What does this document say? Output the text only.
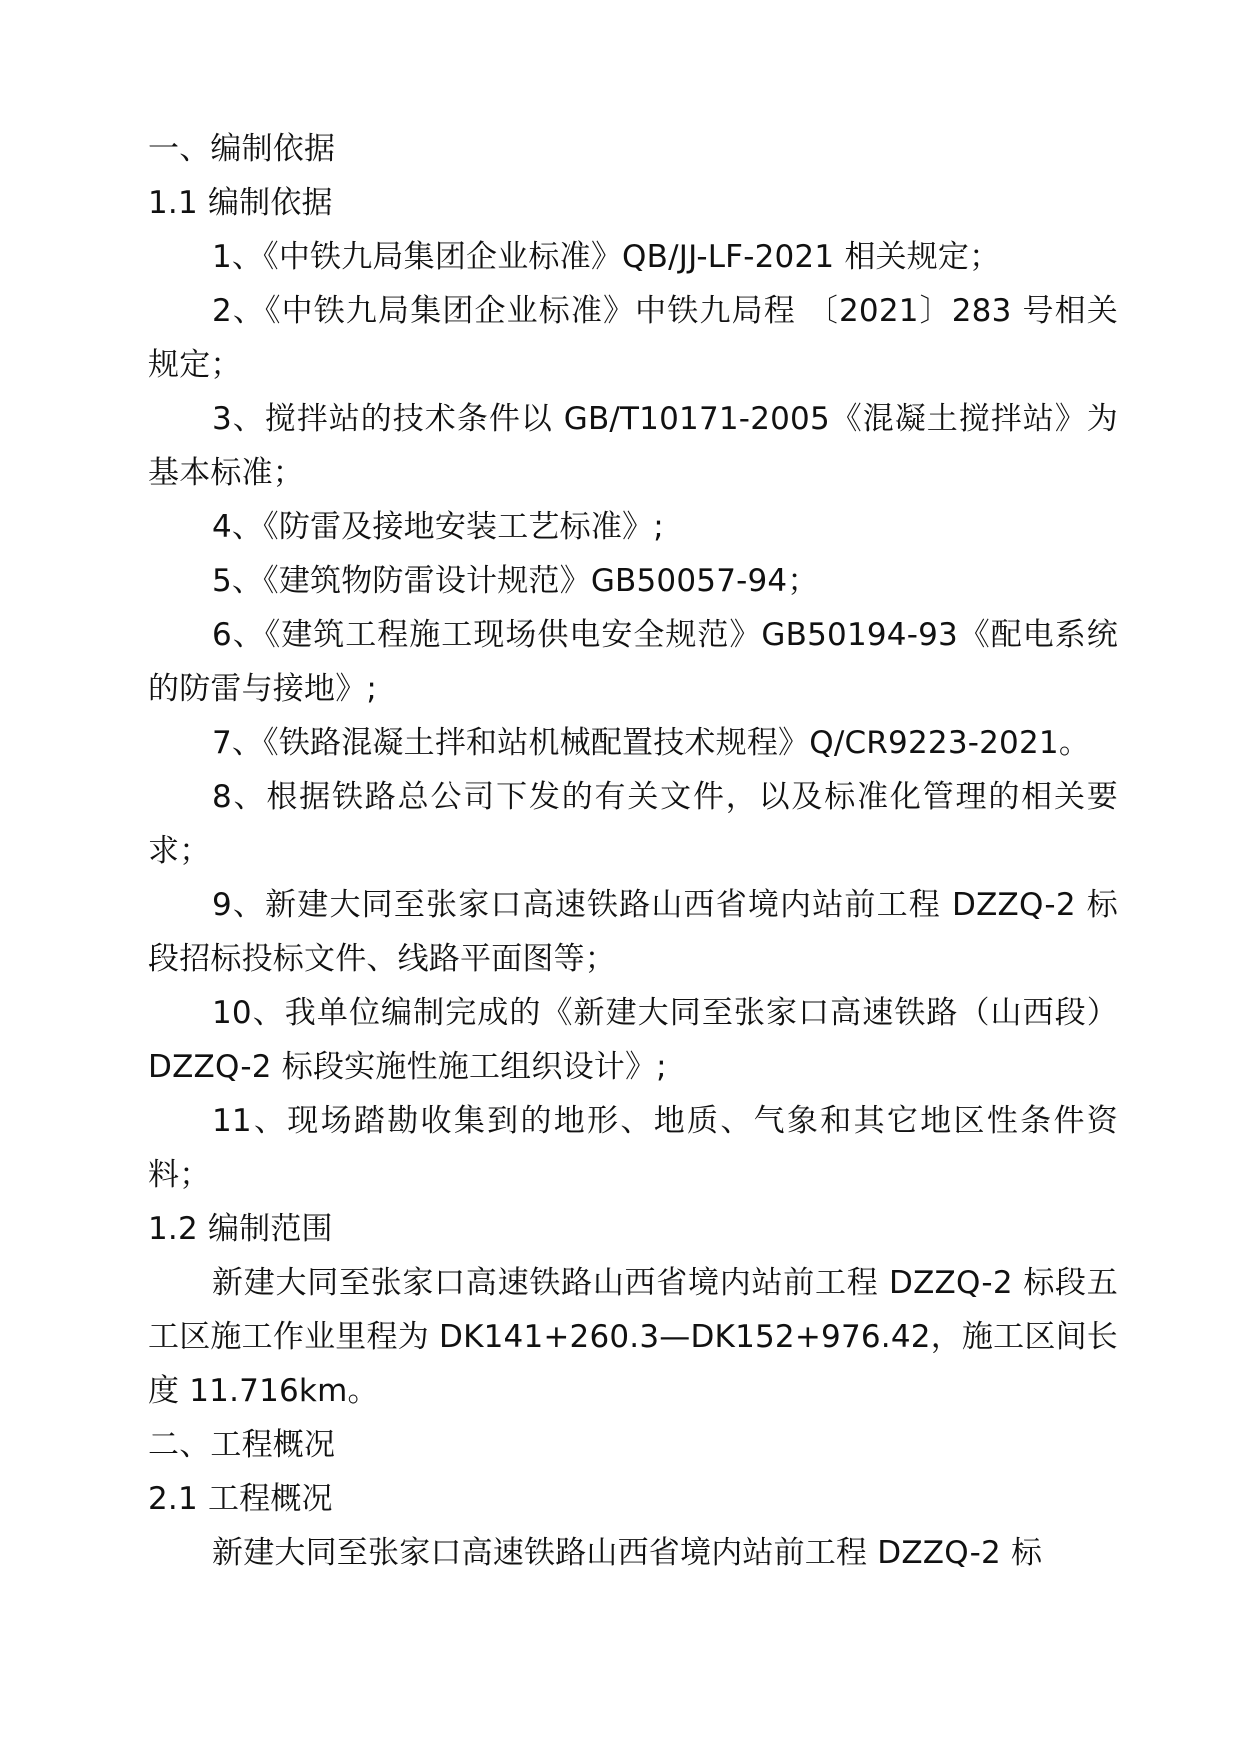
一、编制依据

1.1 编制依据

1、《中铁九局集团企业标准》QB/JJ-LF-2021 相关规定；
2、《中铁九局集团企业标准》中铁九局程 〔2021〕283 号相关规定；
3、搅拌站的技术条件以 GB/T10171-2005《混凝土搅拌站》为基本标准；
4、《防雷及接地安装工艺标准》;
5、《建筑物防雷设计规范》GB50057-94；
6、《建筑工程施工现场供电安全规范》GB50194-93《配电系统的防雷与接地》;
7、《铁路混凝土拌和站机械配置技术规程》Q/CR9223-2021。
8、根据铁路总公司下发的有关文件，以及标准化管理的相关要求；
9、新建大同至张家口高速铁路山西省境内站前工程 DZZQ-2 标段招标投标文件、线路平面图等；
10、我单位编制完成的《新建大同至张家口高速铁路（山西段）DZZQ-2 标段实施性施工组织设计》;
11、现场踏勘收集到的地形、地质、气象和其它地区性条件资料；

1.2 编制范围

新建大同至张家口高速铁路山西省境内站前工程 DZZQ-2 标段五工区施工作业里程为 DK141+260.3—DK152+976.42，施工区间长度 11.716km。

二、工程概况

2.1 工程概况

新建大同至张家口高速铁路山西省境内站前工程 DZZQ-2 标
